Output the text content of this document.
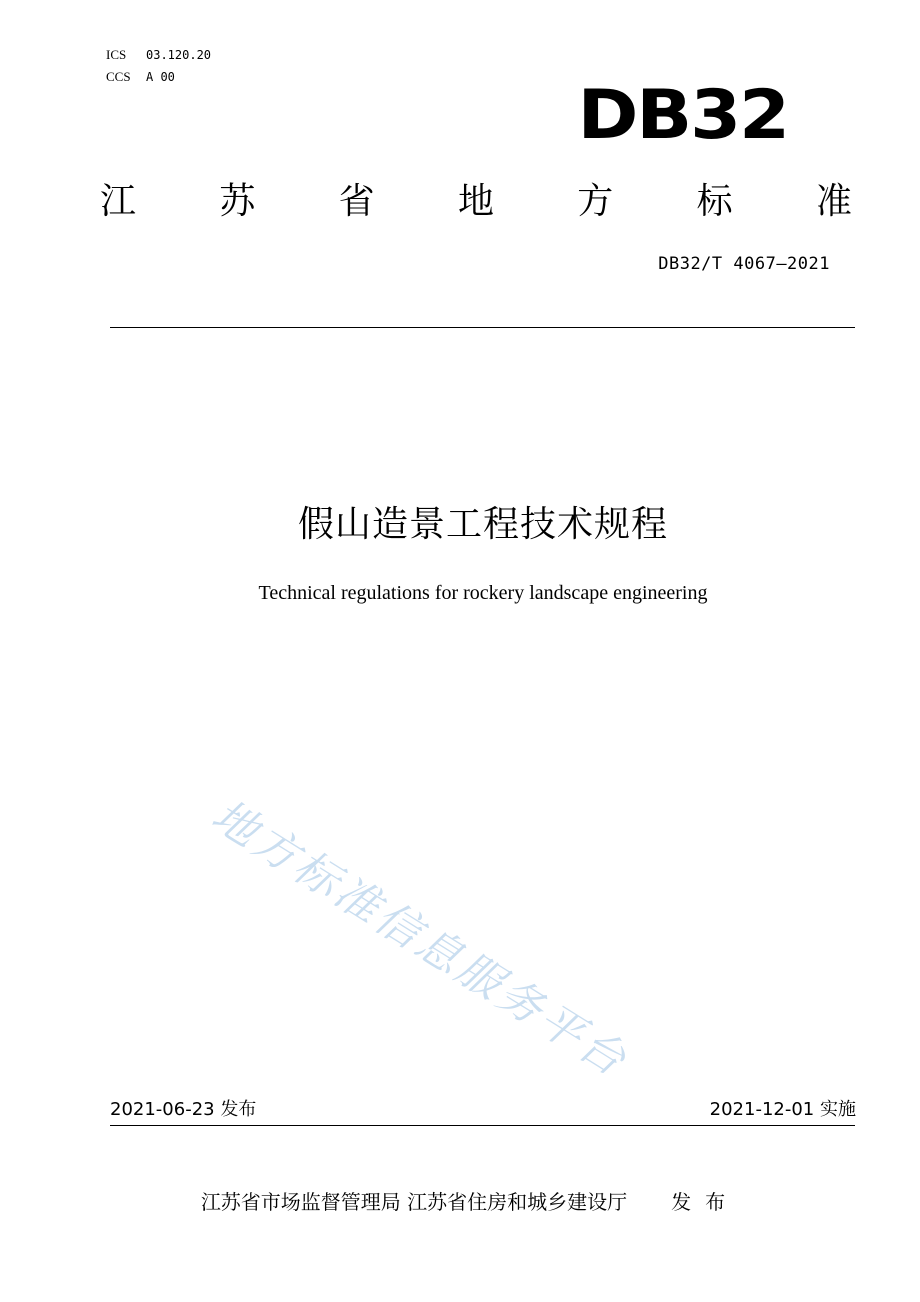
ICS 03.120.20
CCS A 00	DB32
江 苏 省 地 方 标 准
DB32/T 4067—2021
假山造景工程技术规程
Technical regulations for rockery landscape engineering
地方标准信息服务平台
2021-06-23 发布	2021-12-01 实施
江苏省市场监督管理局 江苏省住房和城乡建设厅 发布
